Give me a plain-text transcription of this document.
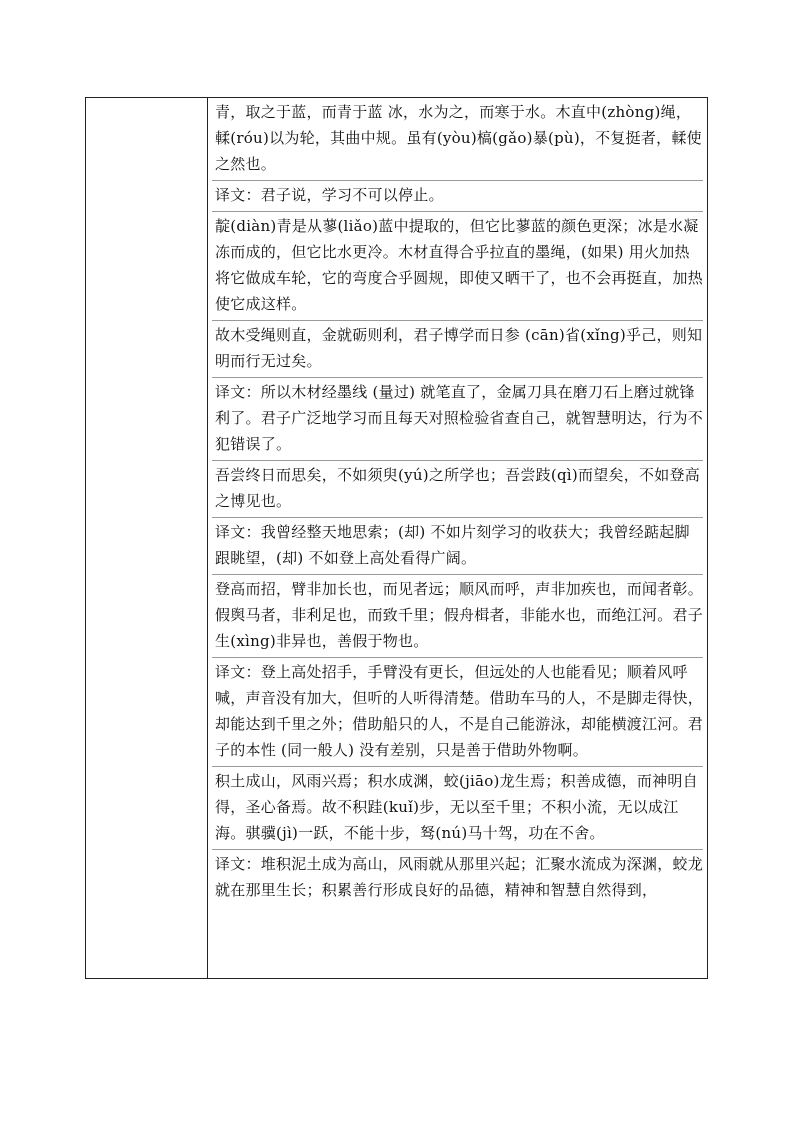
青，取之于蓝，而青于蓝 冰，水为之，而寒于水。木直中(zhòng)绳，輮(róu)以为轮，其曲中规。虽有(yòu)槁(gǎo)暴(pù)，不复挺者，輮使之然也。

译文：君子说，学习不可以停止。

靛(diàn)青是从蓼(liǎo)蓝中提取的，但它比蓼蓝的颜色更深；冰是水凝冻而成的，但它比水更冷。木材直得合乎拉直的墨绳，(如果) 用火加热将它做成车轮，它的弯度合乎圆规，即使又晒干了，也不会再挺直，加热使它成这样。

故木受绳则直，金就砺则利，君子博学而日参 (cān)省(xǐng)乎己，则知明而行无过矣。

译文：所以木材经墨线 (量过) 就笔直了，金属刀具在磨刀石上磨过就锋利了。君子广泛地学习而且每天对照检验省查自己，就智慧明达，行为不犯错误了。

吾尝终日而思矣，不如须臾(yú)之所学也；吾尝跂(qì)而望矣，不如登高之博见也。

译文：我曾经整天地思索；(却) 不如片刻学习的收获大；我曾经踮起脚跟眺望，(却) 不如登上高处看得广阔。

登高而招，臂非加长也，而见者远；顺风而呼，声非加疾也，而闻者彰。假舆马者，非利足也，而致千里；假舟楫者，非能水也，而绝江河。君子生(xìng)非异也，善假于物也。

译文：登上高处招手，手臂没有更长，但远处的人也能看见；顺着风呼喊，声音没有加大，但听的人听得清楚。借助车马的人，不是脚走得快，却能达到千里之外；借助船只的人，不是自己能游泳，却能横渡江河。君子的本性 (同一般人) 没有差别，只是善于借助外物啊。

积土成山，风雨兴焉；积水成渊，蛟(jiāo)龙生焉；积善成德，而神明自得，圣心备焉。故不积跬(kuǐ)步，无以至千里；不积小流，无以成江海。骐骥(jì)一跃，不能十步，驽(nú)马十驾，功在不舍。

译文：堆积泥土成为高山，风雨就从那里兴起；汇聚水流成为深渊，蛟龙就在那里生长；积累善行形成良好的品德，精神和智慧自然得到，
